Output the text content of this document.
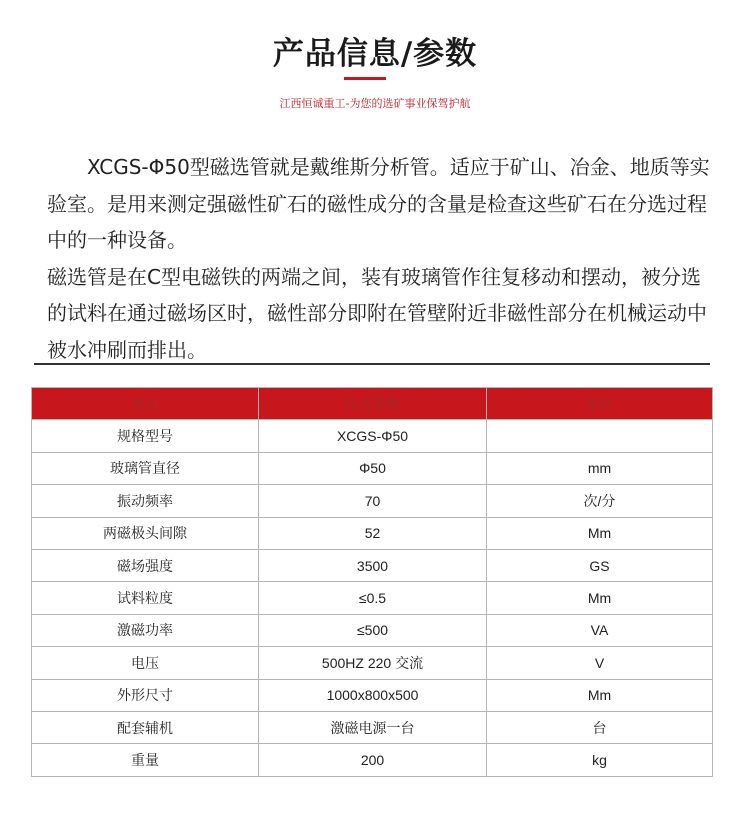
产品信息/参数
江西恒诚重工-为您的选矿事业保驾护航

XCGS-Φ50型磁选管就是戴维斯分析管。适应于矿山、冶金、地质等实验室。是用来测定强磁性矿石的磁性成分的含量是检查这些矿石在分选过程中的一种设备。

磁选管是在C型电磁铁的两端之间，装有玻璃管作往复移动和摆动，被分选的试料在通过磁场区时，磁性部分即附在管壁附近非磁性部分在机械运动中被水冲刷而排出。

项目	技术参数	单位
规格型号	XCGS-Φ50	
玻璃管直径	Φ50	mm
振动频率	70	次/分
两磁极头间隙	52	Mm
磁场强度	3500	GS
试料粒度	≤0.5	Mm
激磁功率	≤500	VA
电压	500HZ 220 交流	V
外形尺寸	1000x800x500	Mm
配套辅机	激磁电源一台	台
重量	200	kg
